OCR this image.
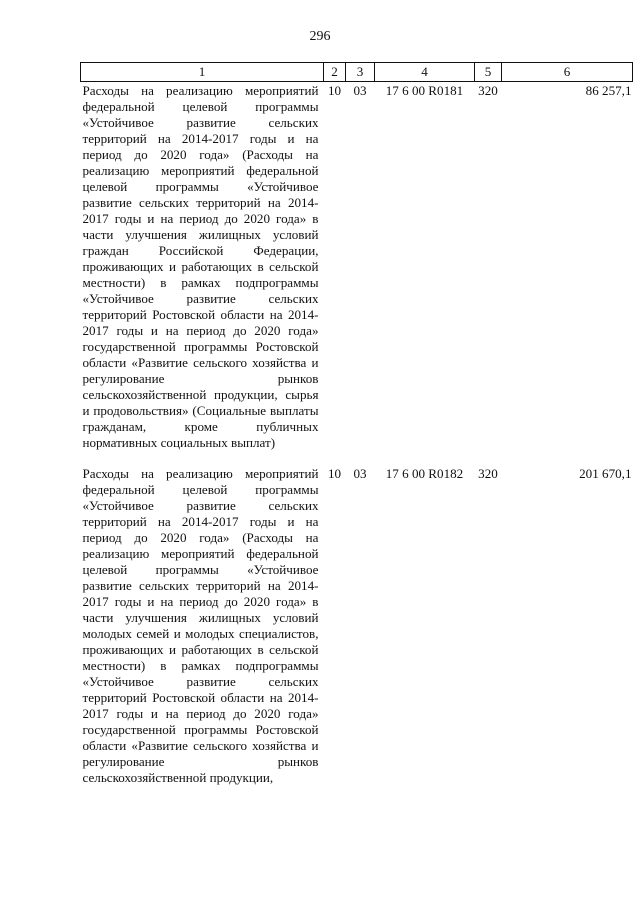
296
1	2	3	4	5	6
Расходы на реализацию мероприятий федеральной целевой программы «Устойчивое развитие сельских территорий на 2014-2017 годы и на период до 2020 года» (Расходы на реализацию мероприятий федеральной целевой программы «Устойчивое развитие сельских территорий на 2014-2017 годы и на период до 2020 года» в части улучшения жилищных условий граждан Российской Федерации, проживающих и работающих в сельской местности) в рамках подпрограммы «Устойчивое развитие сельских территорий Ростовской области на 2014-2017 годы и на период до 2020 года» государственной программы Ростовской области «Развитие сельского хозяйства и регулирование рынков сельскохозяйственной продукции, сырья и продовольствия» (Социальные выплаты гражданам, кроме публичных нормативных социальных выплат)	10	03	17 6 00 R0181	320	86 257,1
Расходы на реализацию мероприятий федеральной целевой программы «Устойчивое развитие сельских территорий на 2014-2017 годы и на период до 2020 года» (Расходы на реализацию мероприятий федеральной целевой программы «Устойчивое развитие сельских территорий на 2014-2017 годы и на период до 2020 года» в части улучшения жилищных условий молодых семей и молодых специалистов, проживающих и работающих в сельской местности) в рамках подпрограммы «Устойчивое развитие сельских территорий Ростовской области на 2014-2017 годы и на период до 2020 года» государственной программы Ростовской области «Развитие сельского хозяйства и регулирование рынков сельскохозяйственной продукции,	10	03	17 6 00 R0182	320	201 670,1
